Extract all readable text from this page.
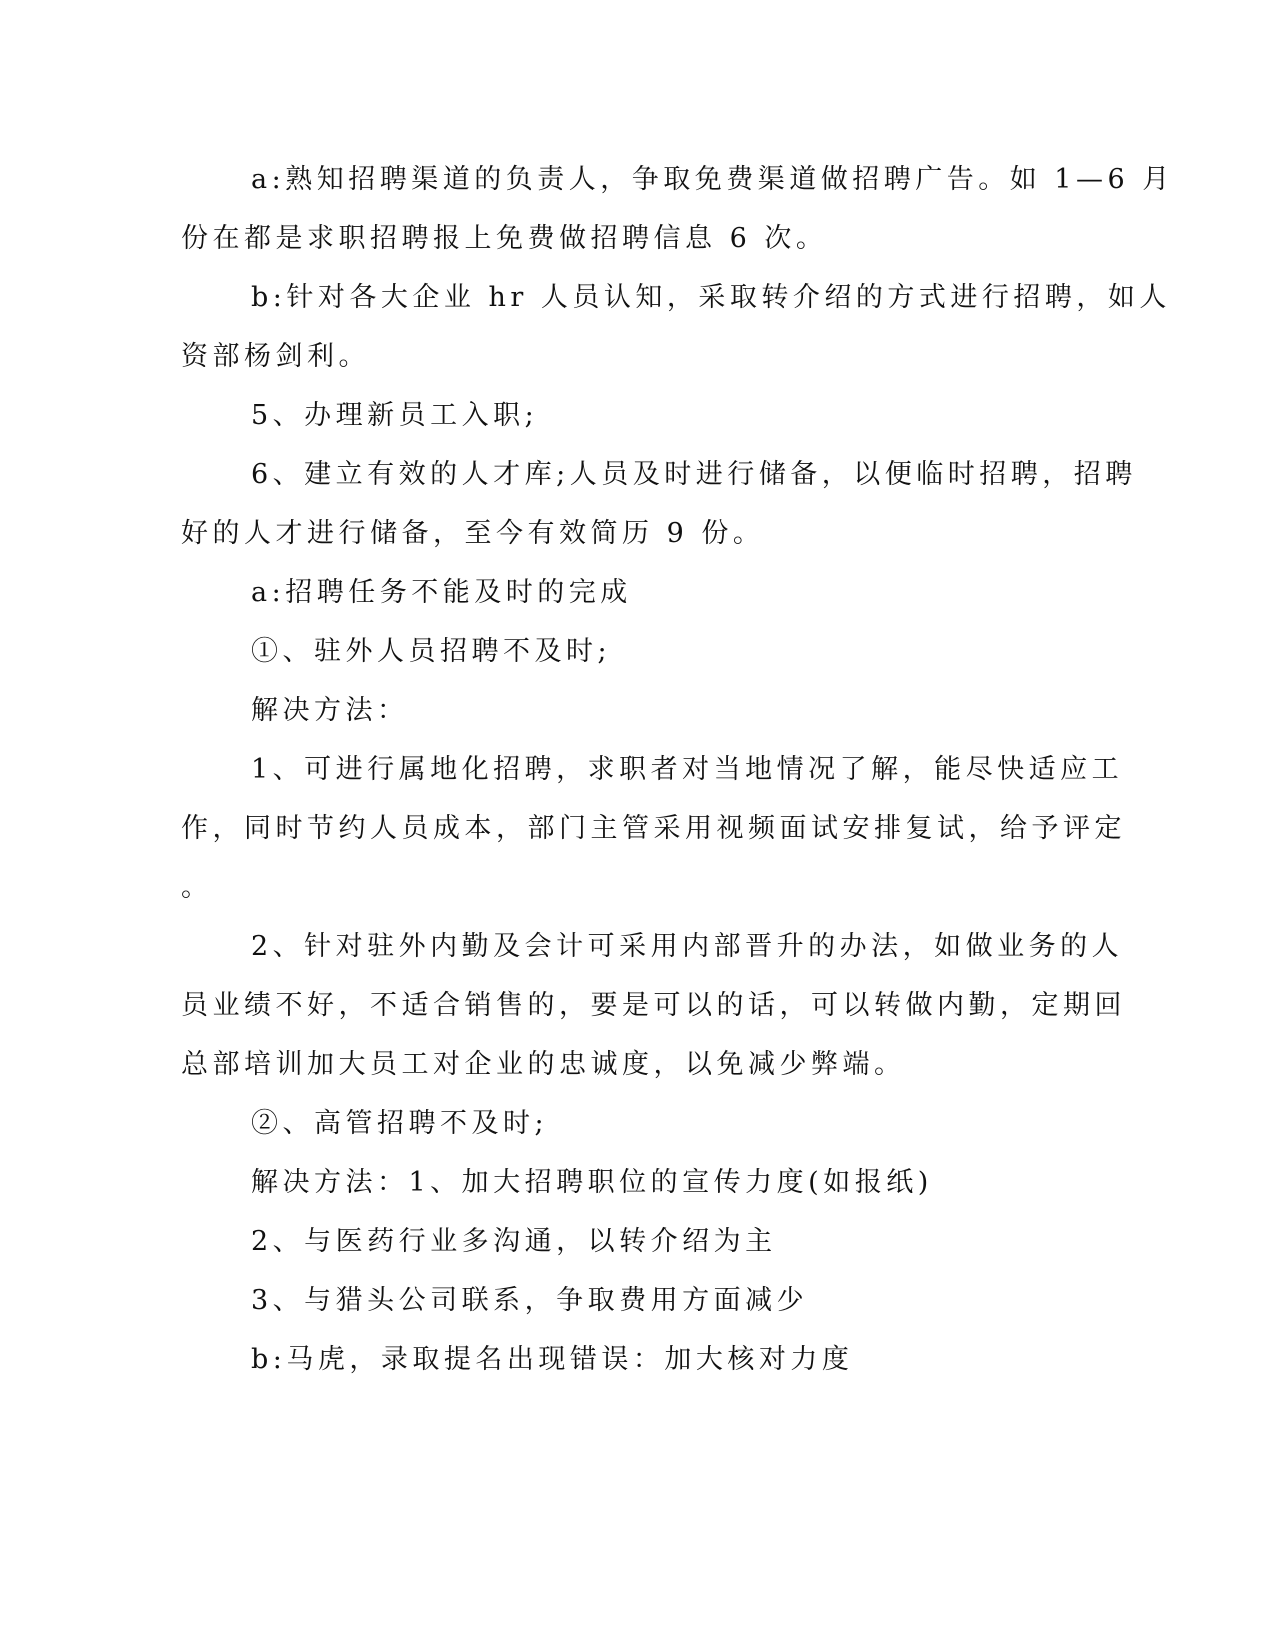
a:熟知招聘渠道的负责人，争取免费渠道做招聘广告。如 1—6 月
份在都是求职招聘报上免费做招聘信息 6 次。
b:针对各大企业 hr 人员认知，采取转介绍的方式进行招聘，如人
资部杨剑利。
5、办理新员工入职;
6、建立有效的人才库;人员及时进行储备，以便临时招聘，招聘
好的人才进行储备，至今有效简历 9 份。
a:招聘任务不能及时的完成
①、驻外人员招聘不及时;
解决方法：
1、可进行属地化招聘，求职者对当地情况了解，能尽快适应工
作，同时节约人员成本，部门主管采用视频面试安排复试，给予评定
。
2、针对驻外内勤及会计可采用内部晋升的办法，如做业务的人
员业绩不好，不适合销售的，要是可以的话，可以转做内勤，定期回
总部培训加大员工对企业的忠诚度，以免减少弊端。
②、高管招聘不及时;
解决方法：1、加大招聘职位的宣传力度(如报纸)
2、与医药行业多沟通，以转介绍为主
3、与猎头公司联系，争取费用方面减少
b:马虎，录取提名出现错误：加大核对力度
